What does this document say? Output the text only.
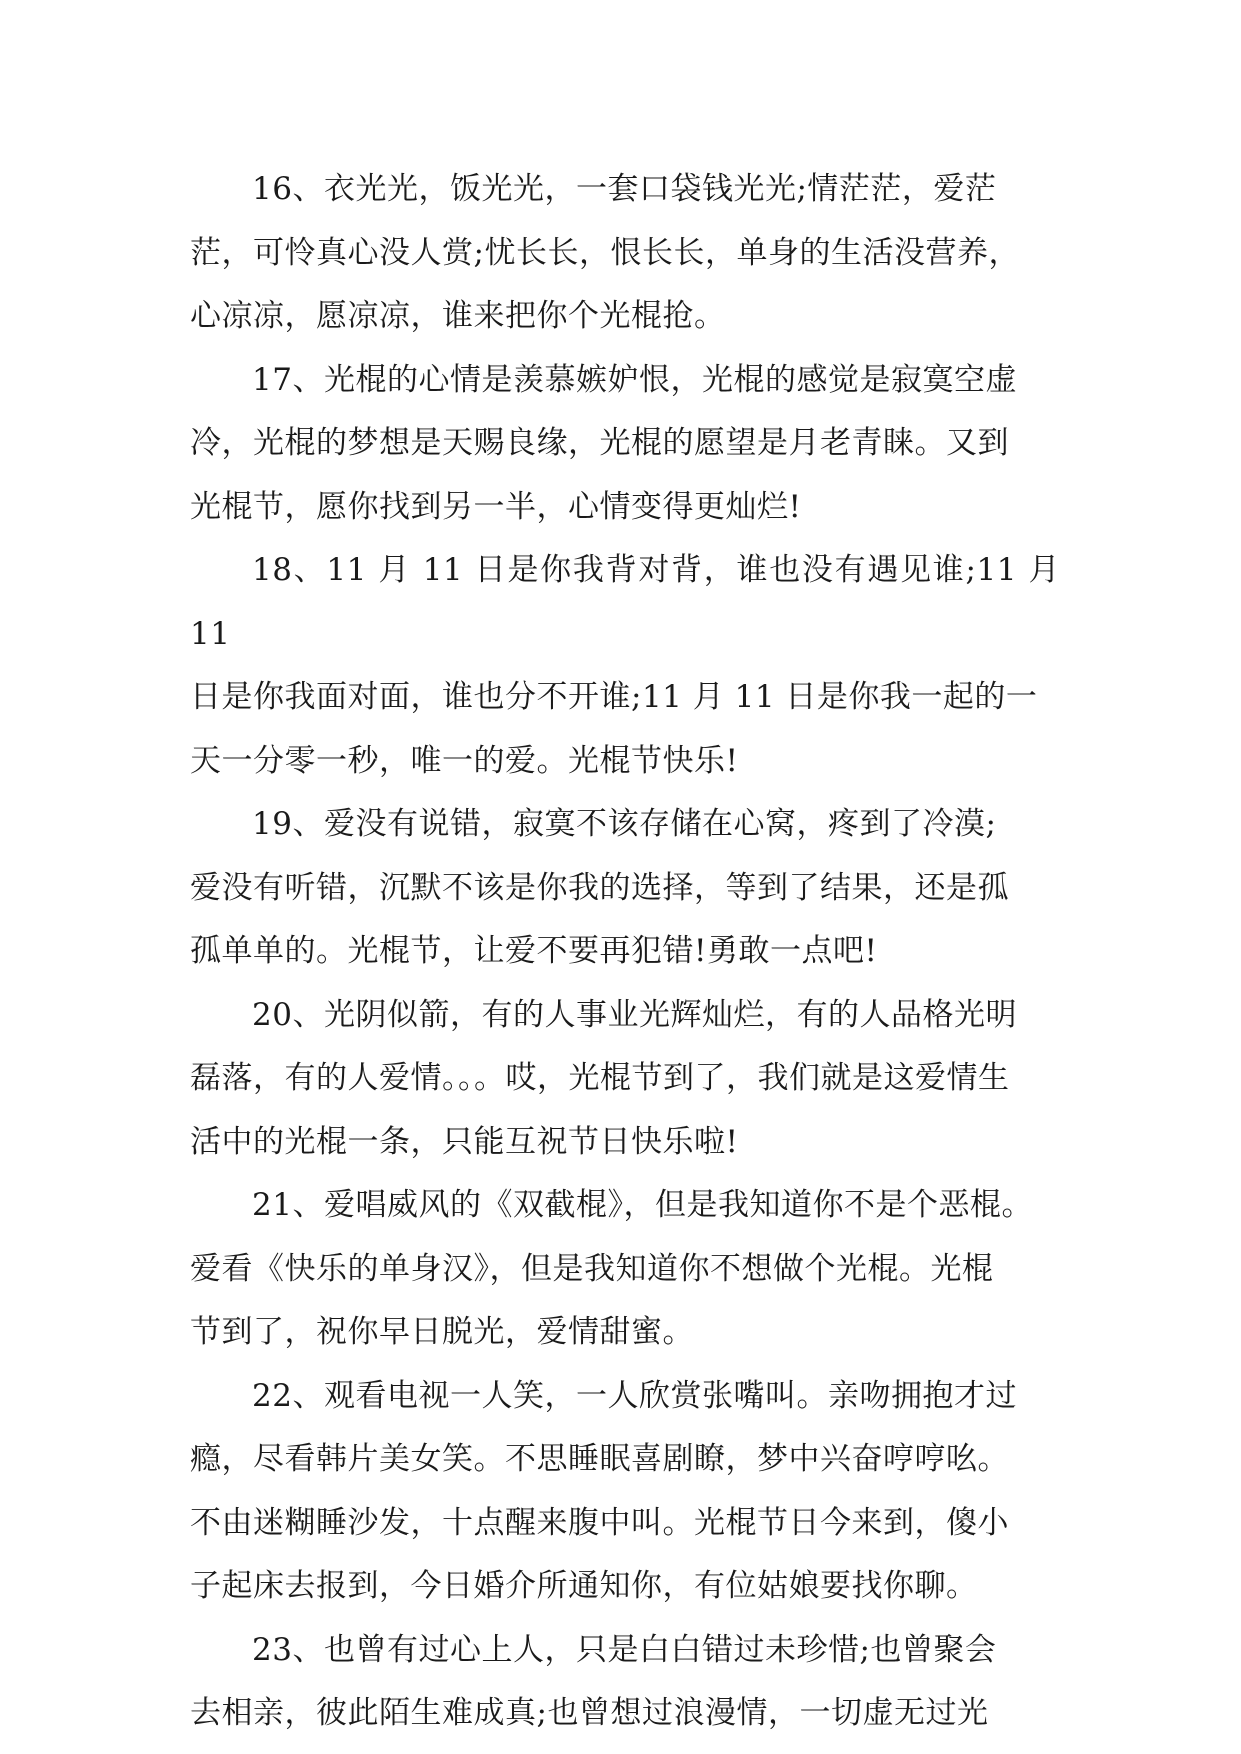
16、衣光光，饭光光，一套口袋钱光光;情茫茫，爱茫
茫，可怜真心没人赏;忧长长，恨长长，单身的生活没营养，
心凉凉，愿凉凉，谁来把你个光棍抢。

17、光棍的心情是羡慕嫉妒恨，光棍的感觉是寂寞空虚
冷，光棍的梦想是天赐良缘，光棍的愿望是月老青睐。又到
光棍节，愿你找到另一半，心情变得更灿烂!

18、11 月 11 日是你我背对背，谁也没有遇见谁;11 月 11
日是你我面对面，谁也分不开谁;11 月 11 日是你我一起的一
天一分零一秒，唯一的爱。光棍节快乐!

19、爱没有说错，寂寞不该存储在心窝，疼到了冷漠;
爱没有听错，沉默不该是你我的选择，等到了结果，还是孤
孤单单的。光棍节，让爱不要再犯错!勇敢一点吧!

20、光阴似箭，有的人事业光辉灿烂，有的人品格光明
磊落，有的人爱情。。。哎，光棍节到了，我们就是这爱情生
活中的光棍一条，只能互祝节日快乐啦!

21、爱唱威风的《双截棍》，但是我知道你不是个恶棍。
爱看《快乐的单身汉》，但是我知道你不想做个光棍。光棍
节到了，祝你早日脱光，爱情甜蜜。

22、观看电视一人笑，一人欣赏张嘴叫。亲吻拥抱才过
瘾，尽看韩片美女笑。不思睡眠喜剧瞭，梦中兴奋哼哼吆。
不由迷糊睡沙发，十点醒来腹中叫。光棍节日今来到，傻小
子起床去报到，今日婚介所通知你，有位姑娘要找你聊。

23、也曾有过心上人，只是白白错过未珍惜;也曾聚会
去相亲，彼此陌生难成真;也曾想过浪漫情，一切虚无过光
